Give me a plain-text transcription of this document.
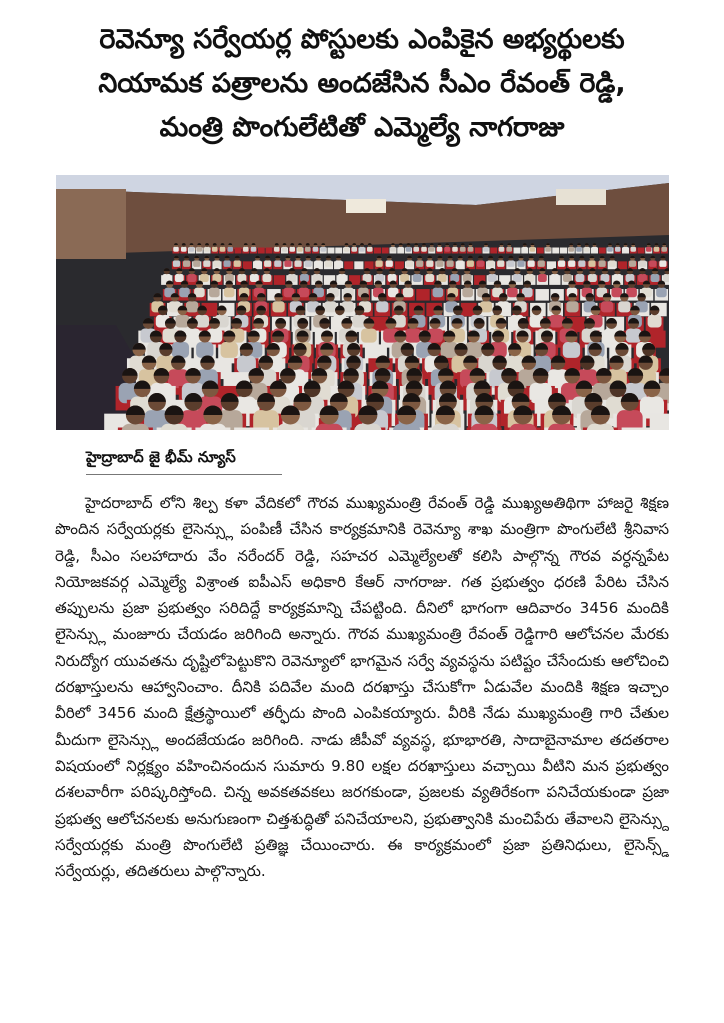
రెవెన్యూ సర్వేయర్ల పోస్టులకు ఎంపికైన అభ్యర్థులకు
నియామక పత్రాలను అందజేసిన సీఎం రేవంత్ రెడ్డి,
మంత్రి పొంగులేటితో ఎమ్మెల్యే నాగరాజు
హైద్రాబాద్ జై భీమ్ న్యూస్
హైదరాబాద్ లోని శిల్ప కళా వేదికలో గౌరవ ముఖ్యమంత్రి రేవంత్ రెడ్డి ముఖ్యఅతిథిగా హాజరై శిక్షణ పొందిన సర్వేయర్లకు లైసెన్స్లు పంపిణీ చేసిన కార్యక్రమానికి రెవెన్యూ శాఖ మంత్రిగా పొంగులేటి శ్రీనివాస రెడ్డి, సీఎం సలహాదారు వేం నరేందర్ రెడ్డి, సహచర ఎమ్మెల్యేలతో కలిసి పాల్గొన్న గౌరవ వర్ధన్నపేట నియోజకవర్గ ఎమ్మెల్యే విశ్రాంత ఐపీఎస్ అధికారి కేఆర్ నాగరాజు. గత ప్రభుత్వం ధరణి పేరిట చేసిన తప్పులను ప్రజా ప్రభుత్వం సరిదిద్దే కార్యక్రమాన్ని చేపట్టింది. దీనిలో భాగంగా ఆదివారం 3456 మందికి లైసెన్స్లు మంజూరు చేయడం జరిగింది అన్నారు. గౌరవ ముఖ్యమంత్రి రేవంత్ రెడ్డిగారి ఆలోచనల మేరకు నిరుద్యోగ యువతను దృష్టిలోపెట్టుకొని రెవెన్యూలో భాగమైన సర్వే వ్యవస్థను పటిష్టం చేసేందుకు ఆలోచించి దరఖాస్తులను ఆహ్వానించాం. దీనికి పదివేల మంది దరఖాస్తు చేసుకోగా ఏడువేల మందికి శిక్షణ ఇచ్చాం వీరిలో 3456 మంది క్షేత్రస్థాయిలో తర్ఫీదు పొంది ఎంపికయ్యారు. వీరికి నేడు ముఖ్యమంత్రి గారి చేతుల మీదుగా లైసెన్స్లు అందజేయడం జరిగింది. నాడు జీపీవో వ్యవస్థ, భూభారతి, సాదాబైనామాల తదతరాల విషయంలో నిర్లక్ష్యం వహించినందున సుమారు 9.80 లక్షల దరఖాస్తులు వచ్చాయి వీటిని మన ప్రభుత్వం దశలవారీగా పరిష్కరిస్తోంది. చిన్న అవకతవకలు జరగకుండా, ప్రజలకు వ్యతిరేకంగా పనిచేయకుండా ప్రజా ప్రభుత్వ ఆలోచనలకు అనుగుణంగా చిత్తశుద్ధితో పనిచేయాలని, ప్రభుత్వానికి మంచిపేరు తేవాలని లైసెన్స్దు సర్వేయర్లకు మంత్రి పొంగులేటి ప్రతిజ్ఞ చేయించారు. ఈ కార్యక్రమంలో ప్రజా ప్రతినిధులు, లైసెన్స్డ్ సర్వేయర్లు, తదితరులు పాల్గొన్నారు.
